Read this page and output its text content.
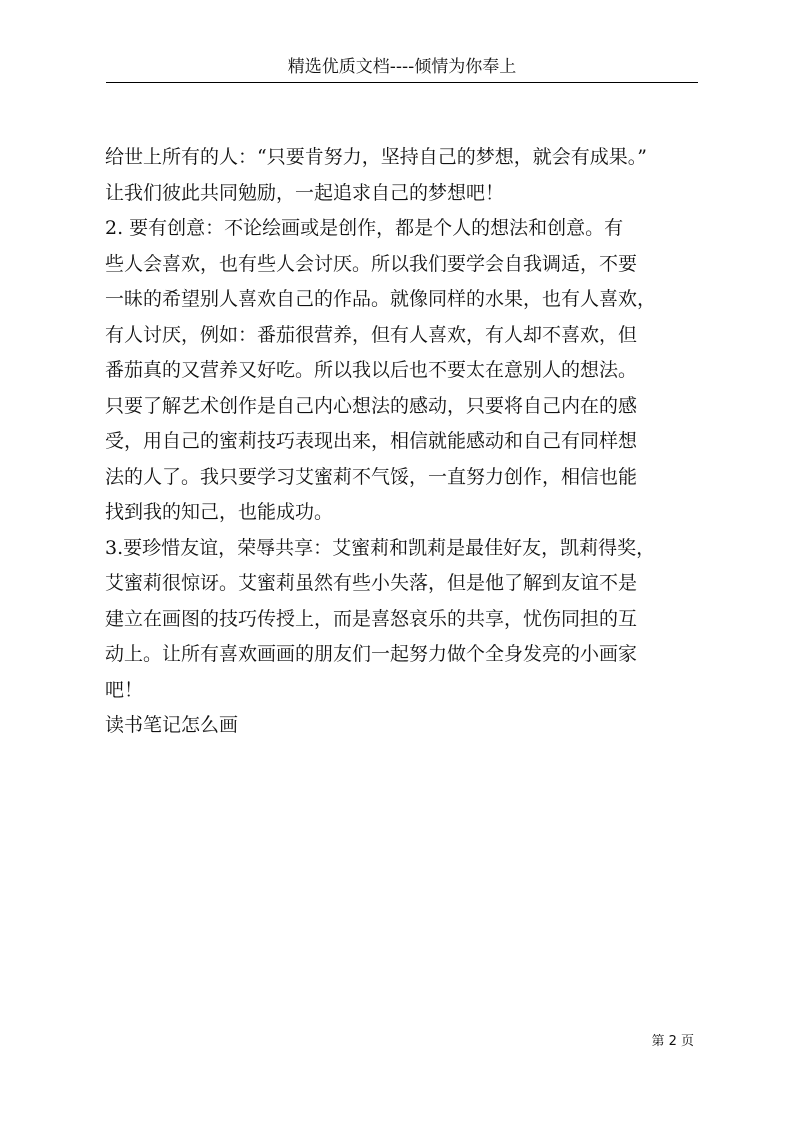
精选优质文档----倾情为你奉上
给世上所有的人：“只要肯努力，坚持自己的梦想，就会有成果。”
让我们彼此共同勉励，一起追求自己的梦想吧！
2. 要有创意：不论绘画或是创作，都是个人的想法和创意。有
些人会喜欢，也有些人会讨厌。所以我们要学会自我调适，不要
一昧的希望别人喜欢自己的作品。就像同样的水果，也有人喜欢，
有人讨厌，例如：番茄很营养，但有人喜欢，有人却不喜欢，但
番茄真的又营养又好吃。所以我以后也不要太在意别人的想法。
只要了解艺术创作是自己内心想法的感动，只要将自己内在的感
受，用自己的蜜莉技巧表现出来，相信就能感动和自己有同样想
法的人了。我只要学习艾蜜莉不气馁，一直努力创作，相信也能
找到我的知己，也能成功。
3.要珍惜友谊，荣辱共享：艾蜜莉和凯莉是最佳好友，凯莉得奖，
艾蜜莉很惊讶。艾蜜莉虽然有些小失落，但是他了解到友谊不是
建立在画图的技巧传授上，而是喜怒哀乐的共享，忧伤同担的互
动上。让所有喜欢画画的朋友们一起努力做个全身发亮的小画家
吧！
读书笔记怎么画
第 2 页
